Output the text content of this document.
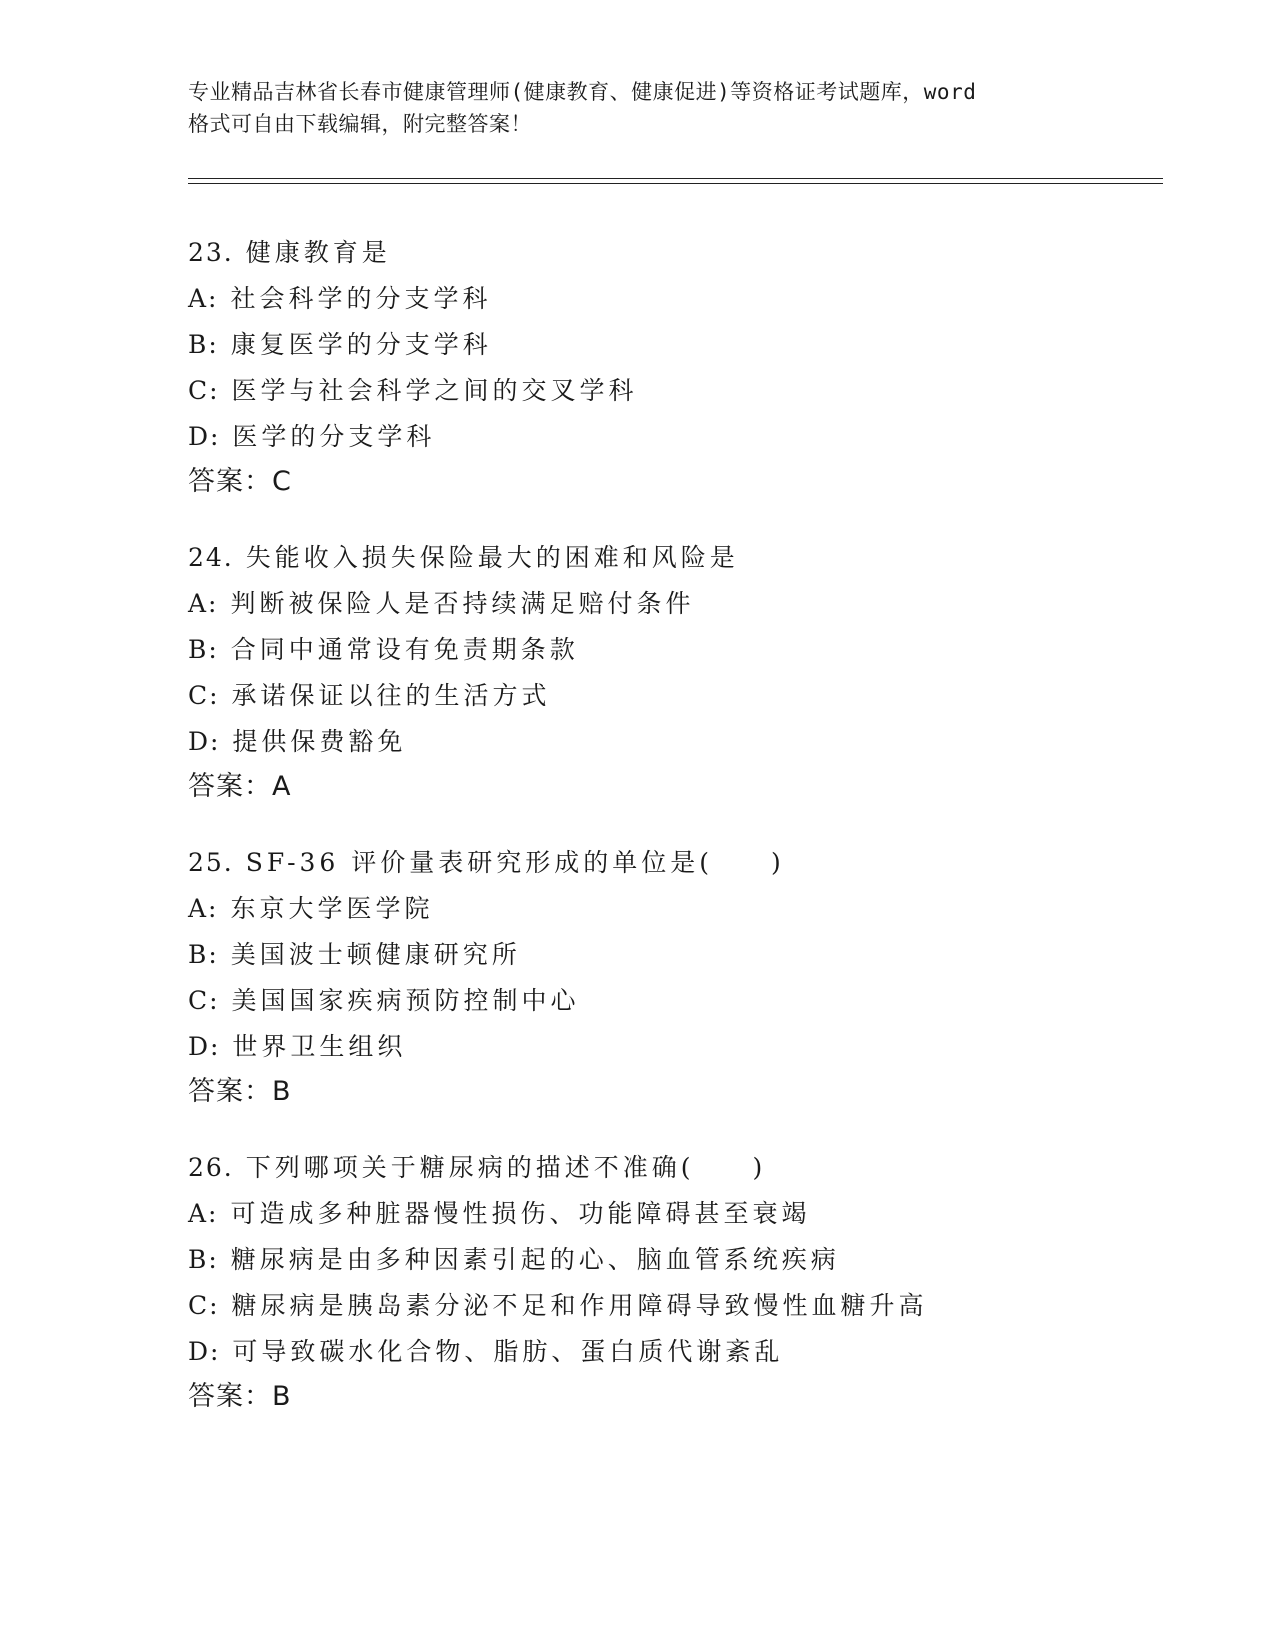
专业精品吉林省长春市健康管理师(健康教育、健康促进)等资格证考试题库，word
格式可自由下载编辑，附完整答案！
23. 健康教育是
A: 社会科学的分支学科
B: 康复医学的分支学科
C: 医学与社会科学之间的交叉学科
D: 医学的分支学科
答案：C
24. 失能收入损失保险最大的困难和风险是
A: 判断被保险人是否持续满足赔付条件
B: 合同中通常设有免责期条款
C: 承诺保证以往的生活方式
D: 提供保费豁免
答案：A
25. SF-36 评价量表研究形成的单位是(　　)
A: 东京大学医学院
B: 美国波士顿健康研究所
C: 美国国家疾病预防控制中心
D: 世界卫生组织
答案：B
26. 下列哪项关于糖尿病的描述不准确(　　)
A: 可造成多种脏器慢性损伤、功能障碍甚至衰竭
B: 糖尿病是由多种因素引起的心、脑血管系统疾病
C: 糖尿病是胰岛素分泌不足和作用障碍导致慢性血糖升高
D: 可导致碳水化合物、脂肪、蛋白质代谢紊乱
答案：B
